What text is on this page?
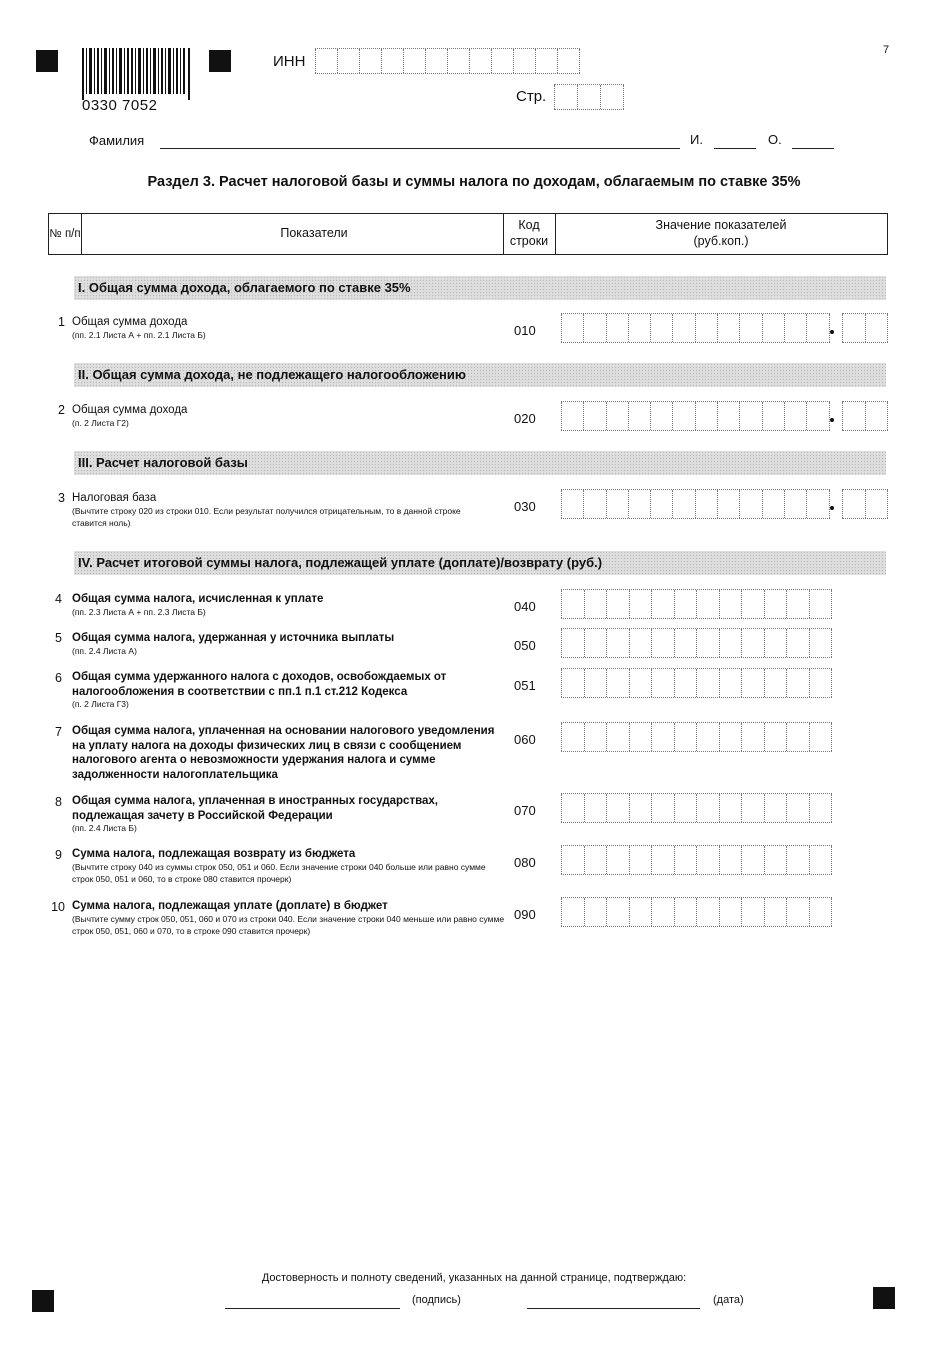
0330 7052
7
ИНН
Стр.
Фамилия	И.	О.
Раздел 3. Расчет налоговой базы и суммы налога по доходам, облагаемым по ставке 35%
№ п/п	Показатели
Код строки
Значение показателей (руб.коп.)
I. Общая сумма дохода, облагаемого по ставке 35%
II. Общая сумма дохода, не подлежащего налогообложению
III. Расчет налоговой базы
IV. Расчет итоговой суммы налога, подлежащей уплате (доплате)/возврату (руб.)
1 Общая сумма дохода
(пп. 2.1 Листа А + пп. 2.1 Листа Б)	010
2 Общая сумма дохода
(п. 2 Листа Г2)	020
3 Налоговая база
(Вычтите строку 020 из строки 010. Если результат получился отрицательным, то в данной строке ставится ноль)
030
4 Общая сумма налога, исчисленная к уплате
(пп. 2.3 Листа А + пп. 2.3 Листа Б)	040
5 Общая сумма налога, удержанная у источника выплаты
(пп. 2.4 Листа А)	050
6 Общая сумма удержанного налога с доходов, освобождаемых от налогообложения в соответствии с пп.1 п.1 ст.212 Кодекса
(п. 2 Листа Г3)
051
7 Общая сумма налога, уплаченная на основании налогового уведомления на уплату налога на доходы физических лиц в связи с сообщением налогового агента о невозможности удержания налога и сумме задолженности налогоплательщика
060
8 Общая сумма налога, уплаченная в иностранных государствах, подлежащая зачету в Российской Федерации
(пп. 2.4 Листа Б)
070
9 Сумма налога, подлежащая возврату из бюджета
(Вычтите строку 040 из суммы строк 050, 051 и 060. Если значение строки 040 больше или равно сумме строк 050, 051 и 060, то в строке 080 ставится прочерк)
080
10 Сумма налога, подлежащая уплате (доплате) в бюджет
(Вычтите сумму строк 050, 051, 060 и 070 из строки 040. Если значение строки 040 меньше или равно сумме строк 050, 051, 060 и 070, то в строке 090 ставится прочерк)
090
Достоверность и полноту сведений, указанных на данной странице, подтверждаю:
(подпись)	(дата)
